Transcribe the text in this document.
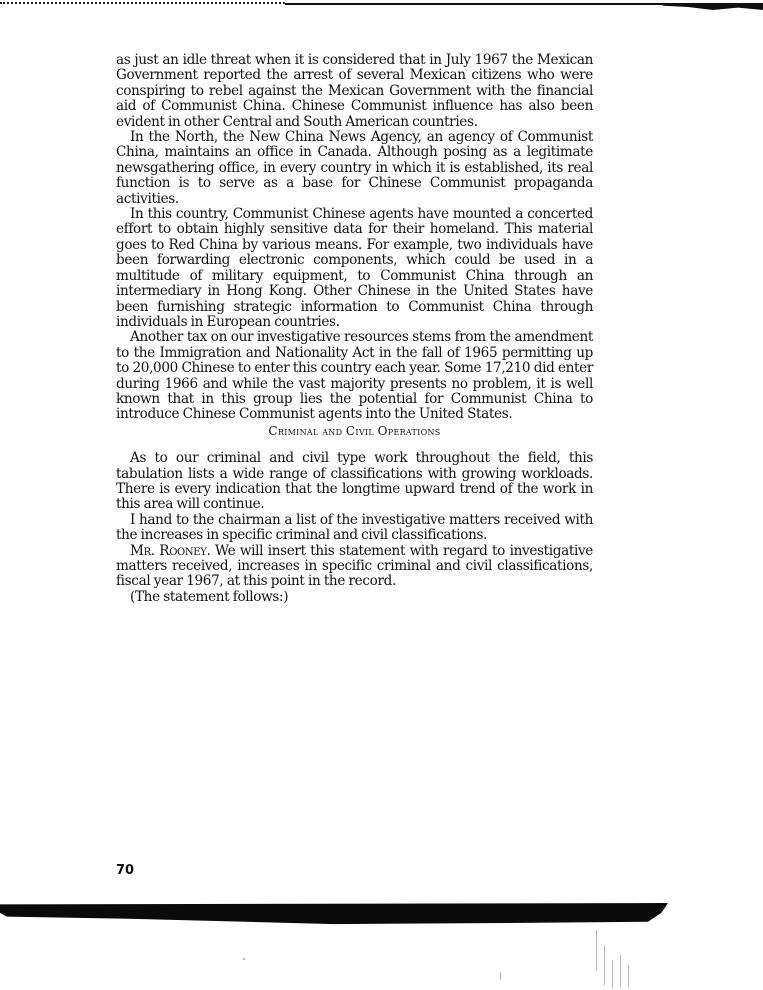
as just an idle threat when it is considered that in July 1967 the Mexican Government reported the arrest of several Mexican citizens who were conspiring to rebel against the Mexican Government with the financial aid of Communist China. Chinese Communist influence has also been evident in other Central and South American countries.

In the North, the New China News Agency, an agency of Communist China, maintains an office in Canada. Although posing as a legitimate newsgathering office, in every country in which it is established, its real function is to serve as a base for Chinese Communist propaganda activities.

In this country, Communist Chinese agents have mounted a concerted effort to obtain highly sensitive data for their homeland. This material goes to Red China by various means. For example, two individuals have been forwarding electronic components, which could be used in a multitude of military equipment, to Communist China through an intermediary in Hong Kong. Other Chinese in the United States have been furnishing strategic information to Communist China through individuals in European countries.

Another tax on our investigative resources stems from the amendment to the Immigration and Nationality Act in the fall of 1965 permitting up to 20,000 Chinese to enter this country each year. Some 17,210 did enter during 1966 and while the vast majority presents no problem, it is well known that in this group lies the potential for Communist China to introduce Chinese Communist agents into the United States.

Criminal and Civil Operations

As to our criminal and civil type work throughout the field, this tabulation lists a wide range of classifications with growing workloads. There is every indication that the longtime upward trend of the work in this area will continue.

I hand to the chairman a list of the investigative matters received with the increases in specific criminal and civil classifications.

Mr. Rooney. We will insert this statement with regard to investigative matters received, increases in specific criminal and civil classifications, fiscal year 1967, at this point in the record.

(The statement follows:)

70
